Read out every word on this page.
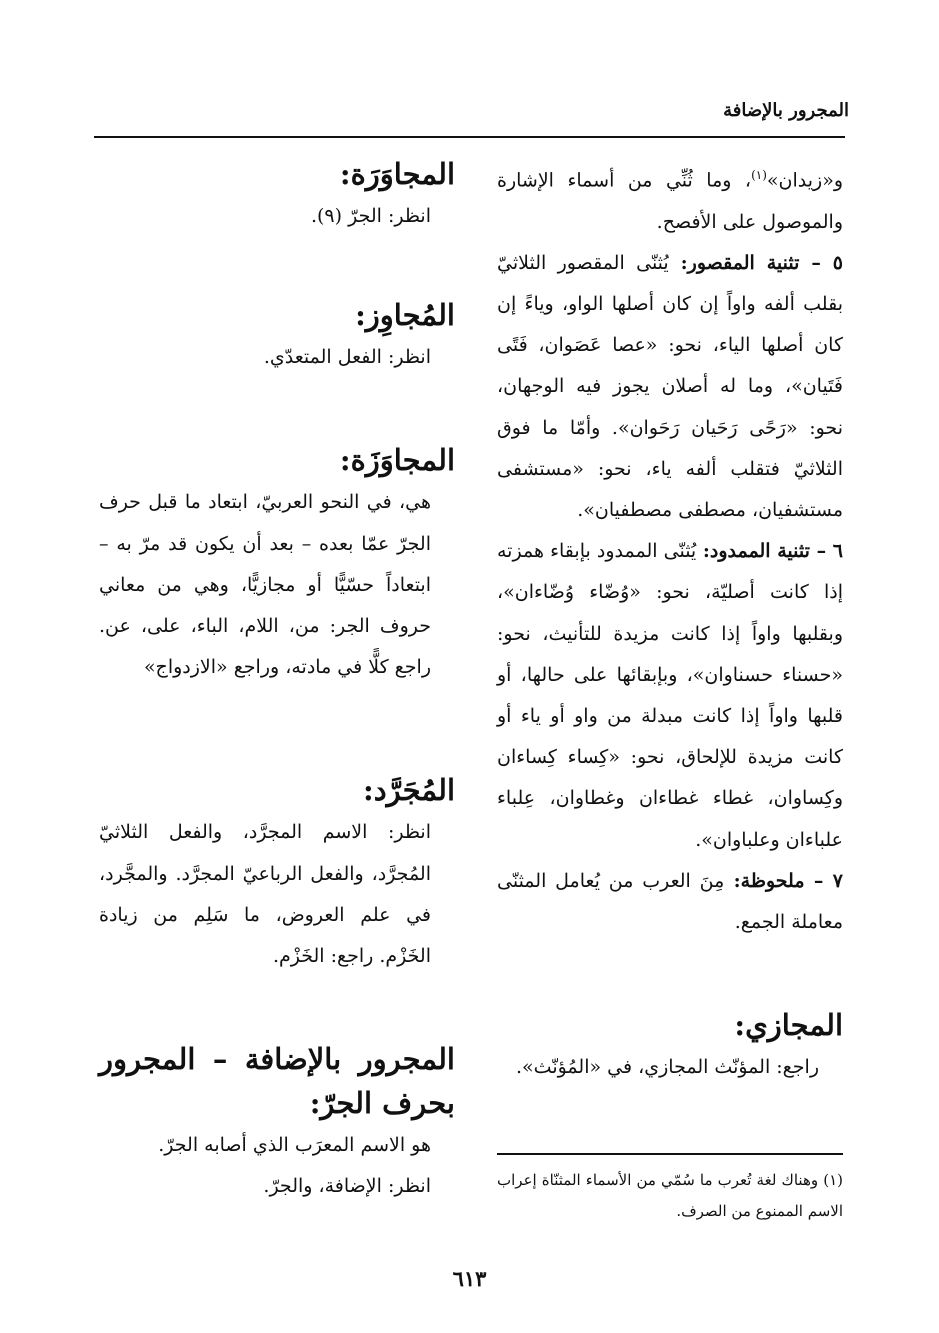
المجرور بالإضافة

و«زيدان»$^{(١)}$، وما ثُنِّي من أسماء الإشارة والموصول على الأفصح.

٥ – تثنية المقصور: يُثنّى المقصور الثلاثيّ بقلب ألفه واواً إن كان أصلها الواو، وياءً إن كان أصلها الياء، نحو: «عصا عَصَوان، فَتًى فَتَيان»، وما له أصلان يجوز فيه الوجهان، نحو: «رَحًى رَحَيان رَحَوان». وأمّا ما فوق الثلاثيّ فتقلب ألفه ياء، نحو: «مستشفى مستشفيان، مصطفى مصطفيان».

٦ – تثنية الممدود: يُثنّى الممدود بإبقاء همزته إذا كانت أصليّة، نحو: «وُضّاء وُضّاءان»، وبقلبها واواً إذا كانت مزيدة للتأنيث، نحو: «حسناء حسناوان»، وبإبقائها على حالها، أو قلبها واواً إذا كانت مبدلة من واو أو ياء أو كانت مزيدة للإلحاق، نحو: «كِساء كِساءان وكِساوان، غطاء غطاءان وغطاوان، عِلباء علباءان وعلباوان».

٧ – ملحوظة: مِنَ العرب من يُعامل المثنّى معاملة الجمع.

المجازي:

راجع: المؤنّث المجازي، في «المُؤنّث».

(١) وهناك لغة تُعرب ما سُمّي من الأسماء المثنّاة إعراب الاسم الممنوع من الصرف.

المجاوَرَة:

انظر: الجرّ (٩).

المُجاوِز:

انظر: الفعل المتعدّي.

المجاوَزَة:

هي، في النحو العربيّ، ابتعاد ما قبل حرف الجرّ عمّا بعده – بعد أن يكون قد مرّ به – ابتعاداً حسّيًّا أو مجازيًّا، وهي من معاني حروف الجر: من، اللام، الباء، على، عن. راجع كلًّا في مادته، وراجع «الازدواج»

المُجَرَّد:

انظر: الاسم المجرَّد، والفعل الثلاثيّ المُجرَّد، والفعل الرباعيّ المجرَّد. والمجَّرد، في علم العروض، ما سَلِم من زيادة الخَزْم. راجع: الخَزْم.

المجرور بالإضافة – المجرور بحرف الجرّ:

هو الاسم المعرَب الذي أصابه الجرّ.

انظر: الإضافة، والجرّ.

٦١٣
